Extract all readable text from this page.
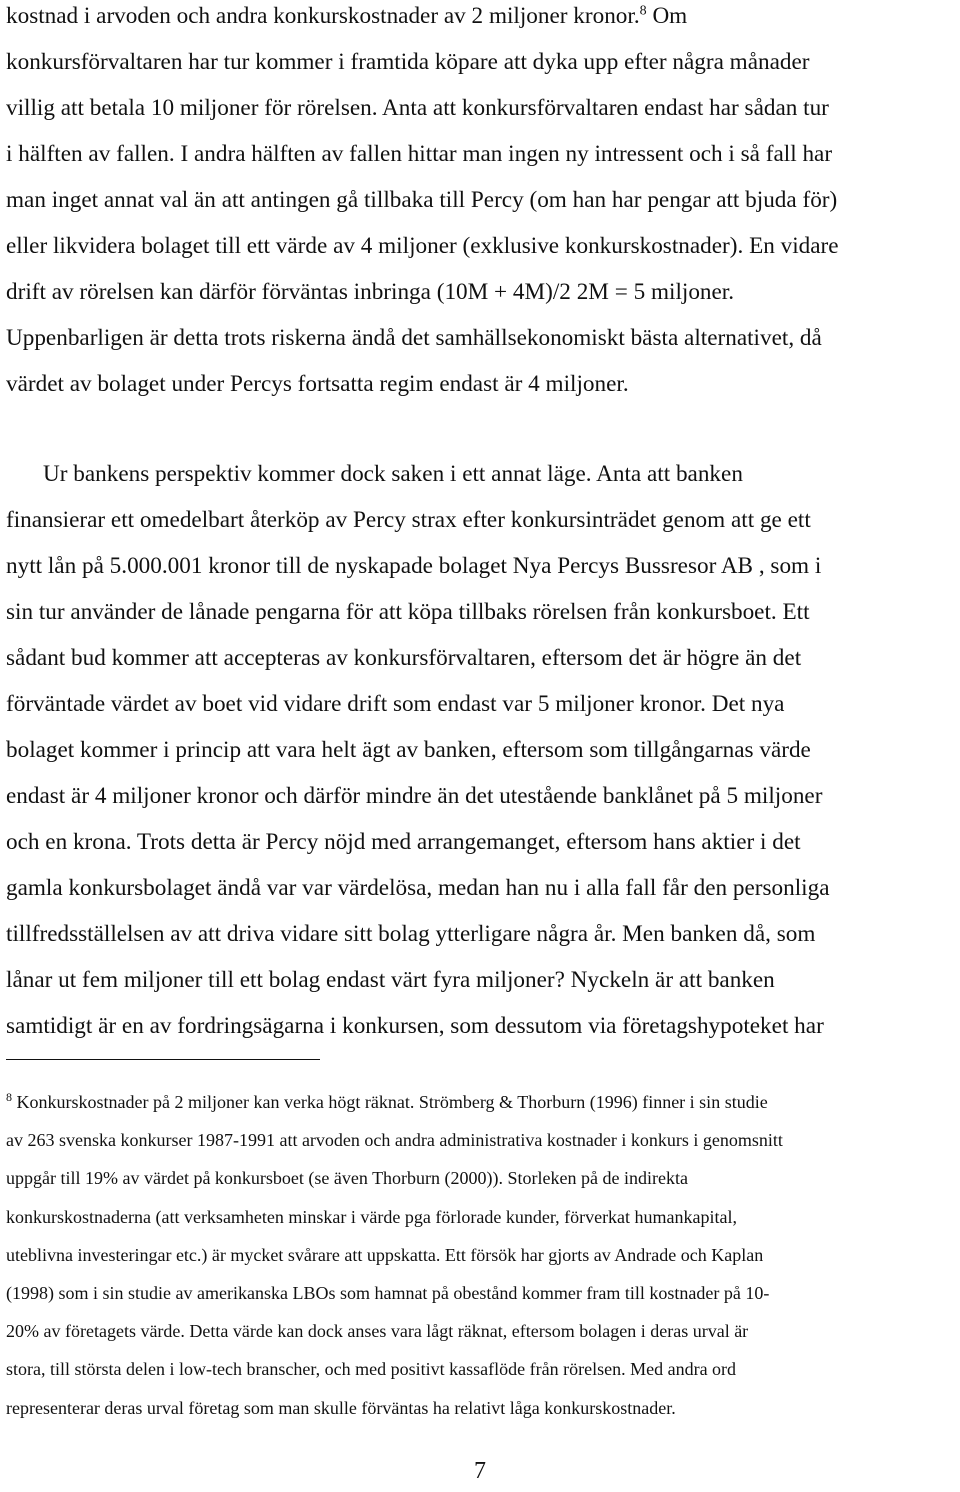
kostnad i arvoden och andra konkurskostnader av 2 miljoner kronor.$^8$ Om
konkursförvaltaren har tur kommer i framtida köpare att dyka upp efter några månader
villig att betala 10 miljoner för rörelsen. Anta att konkursförvaltaren endast har sådan tur
i hälften av fallen. I andra hälften av fallen hittar man ingen ny intressent och i så fall har
man inget annat val än att antingen gå tillbaka till Percy (om han har pengar att bjuda för)
eller likvidera bolaget till ett värde av 4 miljoner (exklusive konkurskostnader). En vidare
drift av rörelsen kan därför förväntas inbringa (10M + 4M)/2 2M = 5 miljoner.
Uppenbarligen är detta trots riskerna ändå det samhällsekonomiskt bästa alternativet, då
värdet av bolaget under Percys fortsatta regim endast är 4 miljoner.
Ur bankens perspektiv kommer dock saken i ett annat läge. Anta att banken
finansierar ett omedelbart återköp av Percy strax efter konkursinträdet genom att ge ett
nytt lån på 5.000.001 kronor till de nyskapade bolaget Nya Percys Bussresor AB , som i
sin tur använder de lånade pengarna för att köpa tillbaks rörelsen från konkursboet. Ett
sådant bud kommer att accepteras av konkursförvaltaren, eftersom det är högre än det
förväntade värdet av boet vid vidare drift som endast var 5 miljoner kronor. Det nya
bolaget kommer i princip att vara helt ägt av banken, eftersom som tillgångarnas värde
endast är 4 miljoner kronor och därför mindre än det utestående banklånet på 5 miljoner
och en krona. Trots detta är Percy nöjd med arrangemanget, eftersom hans aktier i det
gamla konkursbolaget ändå var var värdelösa, medan han nu i alla fall får den personliga
tillfredsställelsen av att driva vidare sitt bolag ytterligare några år. Men banken då, som
lånar ut fem miljoner till ett bolag endast värt fyra miljoner? Nyckeln är att banken
samtidigt är en av fordringsägarna i konkursen, som dessutom via företagshypoteket har
$^8$ Konkurskostnader på 2 miljoner kan verka högt räknat. Strömberg & Thorburn (1996) finner i sin studie
av 263 svenska konkurser 1987-1991 att arvoden och andra administrativa kostnader i konkurs i genomsnitt
uppgår till 19% av värdet på konkursboet (se även Thorburn (2000)). Storleken på de indirekta
konkurskostnaderna (att verksamheten minskar i värde pga förlorade kunder, förverkat humankapital,
uteblivna investeringar etc.) är mycket svårare att uppskatta. Ett försök har gjorts av Andrade och Kaplan
(1998) som i sin studie av amerikanska LBOs som hamnat på obestånd kommer fram till kostnader på 10-
20% av företagets värde. Detta värde kan dock anses vara lågt räknat, eftersom bolagen i deras urval är
stora, till största delen i low-tech branscher, och med positivt kassaflöde från rörelsen. Med andra ord
representerar deras urval företag som man skulle förväntas ha relativt låga konkurskostnader.
7
